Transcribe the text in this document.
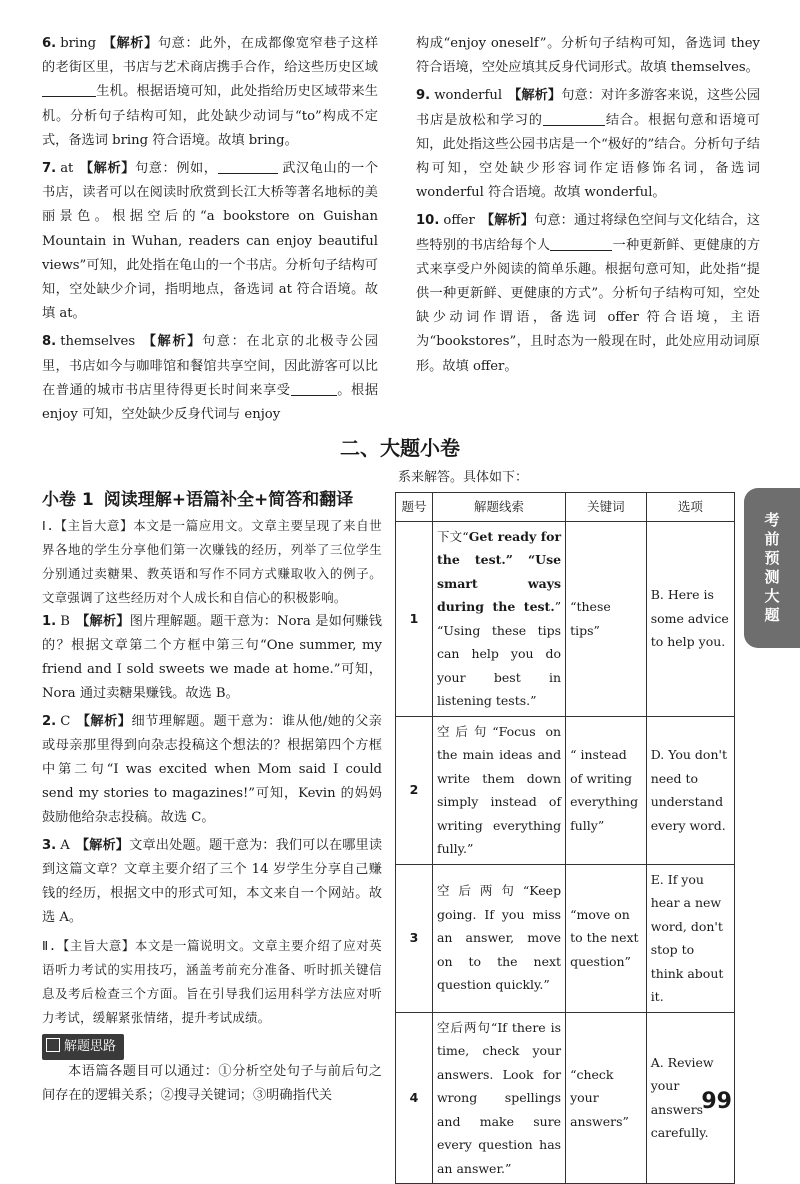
6. bring 【解析】句意：此外，在成都像宽窄巷子这样的老街区里，书店与艺术商店携手合作，给这些历史区域生机。根据语境可知，此处指给历史区域带来生机。分析句子结构可知，此处缺少动词与“to”构成不定式，备选词 bring 符合语境。故填 bring。

7. at 【解析】句意：例如，	武汉龟山的一个书店，读者可以在阅读时欣赏到长江大桥等著名地标的美丽景色。根据空后的“a bookstore on Guishan Mountain in Wuhan, readers can enjoy beautiful views”可知，此处指在龟山的一个书店。分析句子结构可知，空处缺少介词，指明地点，备选词 at 符合语境。故填 at。

8. themselves 【解析】句意：在北京的北极寺公园里，书店如今与咖啡馆和餐馆共享空间，因此游客可以比在普通的城市书店里待得更长时间来享受	。根据 enjoy 可知，空处缺少反身代词与 enjoy

构成“enjoy oneself”。分析句子结构可知，备选词 they 符合语境，空处应填其反身代词形式。故填 themselves。

9. wonderful 【解析】句意：对许多游客来说，这些公园书店是放松和学习的	结合。根据句意和语境可知，此处指这些公园书店是一个“极好的”结合。分析句子结构可知，空处缺少形容词作定语修饰名词，备选词 wonderful 符合语境。故填 wonderful。

10. offer 【解析】句意：通过将绿色空间与文化结合，这些特别的书店给每个人	一种更新鲜、更健康的方式来享受户外阅读的简单乐趣。根据句意可知，此处指“提供一种更新鲜、更健康的方式”。分析句子结构可知，空处缺少动词作谓语，备选词 offer 符合语境，主语为“bookstores”，且时态为一般现在时，此处应用动词原形。故填 offer。

二、大题小卷
小卷 1 阅读理解+语篇补全+简答和翻译

Ⅰ.【主旨大意】本文是一篇应用文。文章主要呈现了来自世界各地的学生分享他们第一次赚钱的经历，列举了三位学生分别通过卖糖果、教英语和写作不同方式赚取收入的例子。文章强调了这些经历对个人成长和自信心的积极影响。

1. B 【解析】图片理解题。题干意为：Nora 是如何赚钱的？根据文章第二个方框中第三句“One summer, my friend and I sold sweets we made at home.”可知，Nora 通过卖糖果赚钱。故选 B。

2. C 【解析】细节理解题。题干意为：谁从他/她的父亲或母亲那里得到向杂志投稿这个想法的？根据第四个方框中第二句“I was excited when Mom said I could send my stories to magazines!”可知，Kevin 的妈妈鼓励他给杂志投稿。故选 C。

3. A 【解析】文章出处题。题干意为：我们可以在哪里读到这篇文章？文章主要介绍了三个 14 岁学生分享自己赚钱的经历，根据文中的形式可知，本文来自一个网站。故选 A。

Ⅱ.【主旨大意】本文是一篇说明文。文章主要介绍了应对英语听力考试的实用技巧，涵盖考前充分准备、听时抓关键信息及考后检查三个方面。旨在引导我们运用科学方法应对听力考试，缓解紧张情绪，提升考试成绩。

解题思路
本语篇各题目可以通过：①分析空处句子与前后句之间存在的逻辑关系；②搜寻关键词；③明确指代关
系来解答。具体如下：
题号	解题线索	关键词	选项
1	下文“Get ready for the test.” “Use smart ways during the test.” “Using these tips can help you do your best in listening tests.”	“these tips”	B. Here is some advice to help you.
2	空后句“Focus on the main ideas and write them down simply instead of writing everything fully.”	“ instead of writing everything fully”	D. You don't need to understand every word.
3	空后两句“Keep going. If you miss an answer, move on to the next question quickly.”	“move on to the next question”	E. If you hear a new word, don't stop to think about it.
4	空后两句“If there is time, check your answers. Look for wrong spellings and make sure every question has an answer.”	“check your answers”	A. Review your answers carefully.
考
前
预
测
大
题
99
